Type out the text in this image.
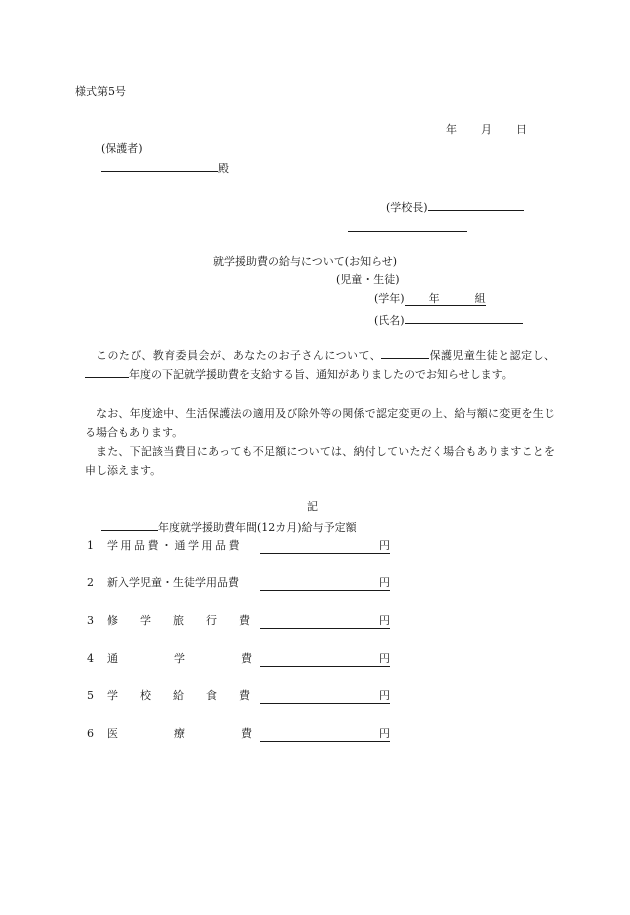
様式第5号
年 月 日
(保護者)
殿
(学校長)
就学援助費の給与について(お知らせ)
(児童・生徒)
(学年) 年	組
(氏名)
このたび、教育委員会が、あなたのお子さんについて、	保護児童生徒と認定し、年度の下記就学援助費を支給する旨、通知がありましたのでお知らせします。
なお、年度途中、生活保護法の適用及び除外等の関係で認定変更の上、給与額に変更を生じる場合もあります。
また、下記該当費目にあっても不足額については、納付していただく場合もありますことを申し添えます。
記
年度就学援助費年間(12カ月)給与予定額
1 学用品費・通学用品費	円
2 新入学児童・生徒学用品費	円
3 修学旅行費	円
4 通学費	円
5 学校給食費	円
6 医療費	円
